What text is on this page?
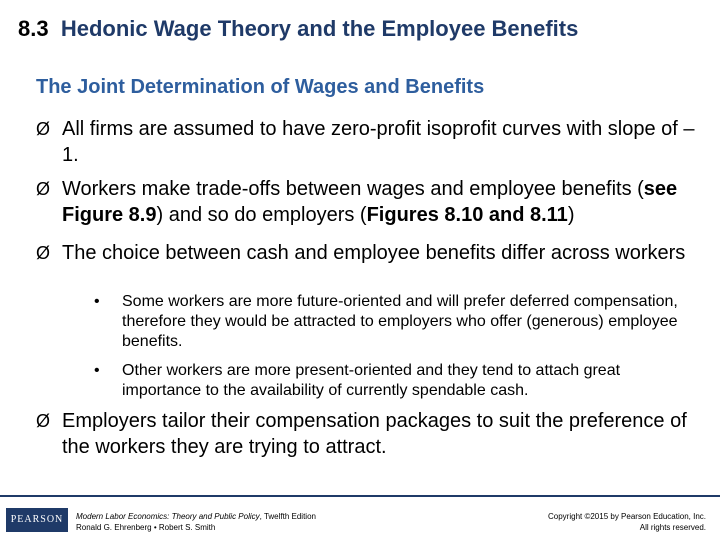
8.3 Hedonic Wage Theory and the Employee Benefits
The Joint Determination of Wages and Benefits
Ø All firms are assumed to have zero-profit isoprofit curves with slope of – 1.
Ø Workers make trade-offs between wages and employee benefits (see Figure 8.9) and so do employers (Figures 8.10 and 8.11)
Ø The choice between cash and employee benefits differ across workers
•	Some workers are more future-oriented and will prefer deferred compensation, therefore they would be attracted to employers who offer (generous) employee benefits.
•	Other workers are more present-oriented and they tend to attach great importance to the availability of currently spendable cash.
Ø Employers tailor their compensation packages to suit the preference of the workers they are trying to attract.
PEARSON	Modern Labor Economics: Theory and Public Policy, Twelfth Edition
Ronald G. Ehrenberg • Robert S. Smith
Copyright ©2015 by Pearson Education, Inc.
All rights reserved.
